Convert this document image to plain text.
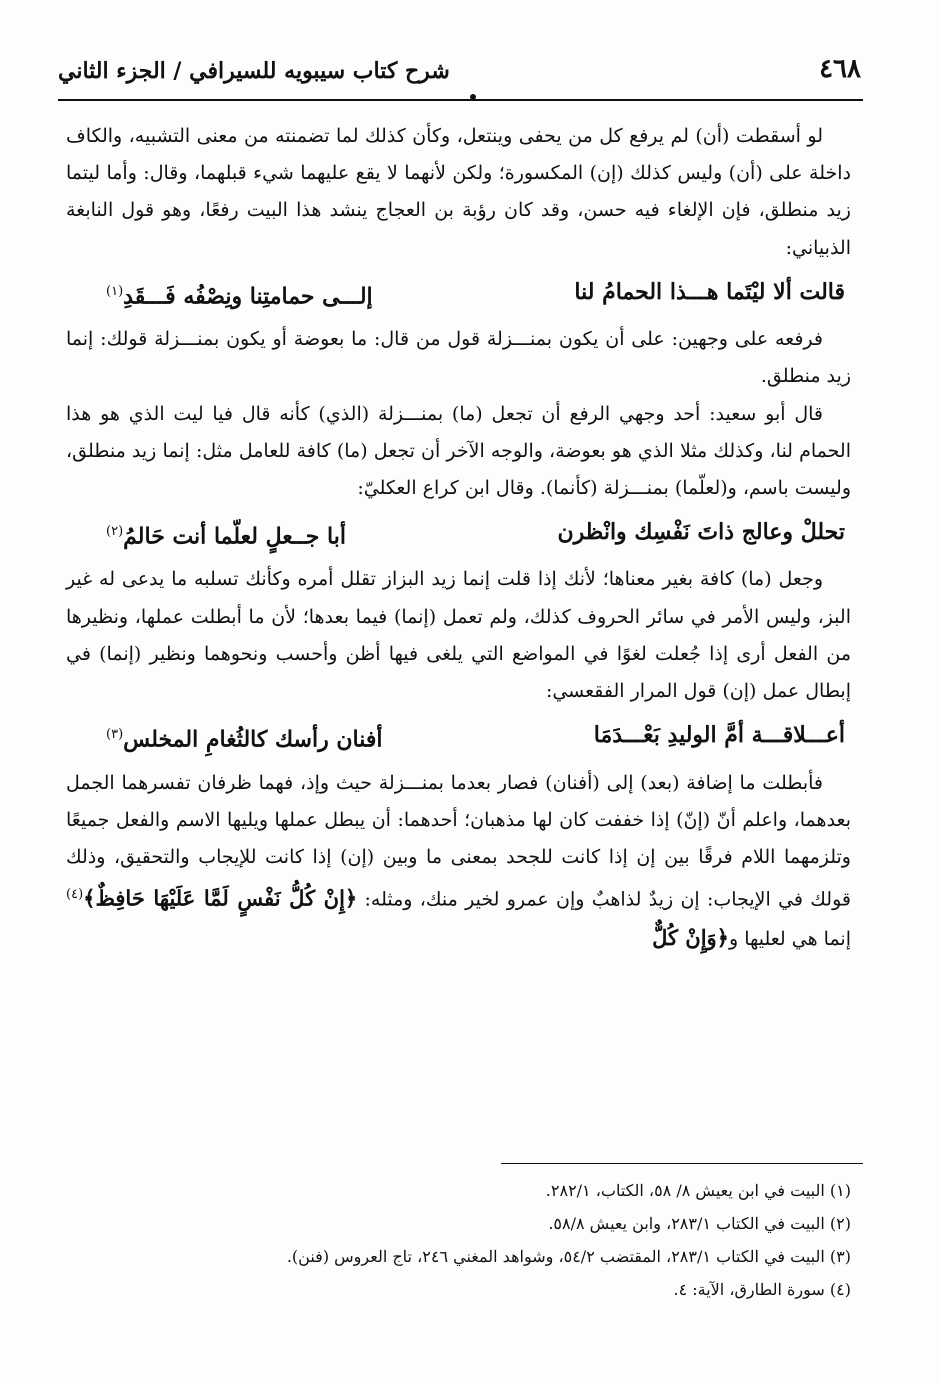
٤٦٨
شرح كتاب سيبويه للسيرافي / الجزء الثاني

لو أسقطت (أن) لم يرفع كل من يحفى وينتعل، وكأن كذلك لما تضمنته من معنى التشبيه، والكاف داخلة على (أن) وليس كذلك (إن) المكسورة؛ ولكن لأنهما لا يقع عليهما شيء قبلهما، وقال: وأما ليتما زيد منطلق، فإن الإلغاء فيه حسن، وقد كان رؤبة بن العجاج ينشد هذا البيت رفعًا، وهو قول النابغة الذبياني:

قالت ألا ليْتَما هـــذا الحمامُ لنا
إلـــى حمامتِنا ونِصْفُه فَـــقَدِ$^{(١)}$

فرفعه على وجهين: على أن يكون بمنـــزلة قول من قال: ما بعوضة أو يكون بمنـــزلة قولك: إنما زيد منطلق.

قال أبو سعيد: أحد وجهي الرفع أن تجعل (ما) بمنـــزلة (الذي) كأنه قال فيا ليت الذي هو هذا الحمام لنا، وكذلك مثلا الذي هو بعوضة، والوجه الآخر أن تجعل (ما) كافة للعامل مثل: إنما زيد منطلق، وليست باسم، و(لعلّما) بمنـــزلة (كأنما). وقال ابن كراع العكليّ:

تحللْ وعالج ذاتَ نَفْسِك وانْظرن
أبا جــعلٍ لعلّما أنت حَالمُ$^{(٢)}$

وجعل (ما) كافة بغير معناها؛ لأنك إذا قلت إنما زيد البزاز تقلل أمره وكأنك تسلبه ما يدعى له غير البز، وليس الأمر في سائر الحروف كذلك، ولم تعمل (إنما) فيما بعدها؛ لأن ما أبطلت عملها، ونظيرها من الفعل أرى إذا جُعلت لغوًا في المواضع التي يلغى فيها أظن وأحسب ونحوهما ونظير (إنما) في إبطال عمل (إن) قول المرار الفقعسي:

أعـــلاقـــة أمَّ الوليدِ بَعْـــدَمَا
أفنان رأسك كالثُغامِ المخلس$^{(٣)}$

فأبطلت ما إضافة (بعد) إلى (أفنان) فصار بعدما بمنـــزلة حيث وإذ، فهما ظرفان تفسرهما الجمل بعدهما، واعلم أنّ (إنّ) إذا خففت كان لها مذهبان؛ أحدهما: أن يبطل عملها ويليها الاسم والفعل جميعًا وتلزمهما اللام فرقًا بين إن إذا كانت للجحد بمعنى ما وبين (إن) إذا كانت للإيجاب والتحقيق، وذلك قولك في الإيجاب: إن زيدٌ لذاهبٌ وإن عمرو لخير منك، ومثله: ﴿إِنْ كُلُّ نَفْسٍ لَمَّا عَلَيْهَا حَافِظٌ﴾$^{(٤)}$ إنما هي لعليها و﴿وَإِنْ كُلٌّ

(١) البيت في ابن يعيش ٨/ ٥٨، الكتاب، ٢٨٢/١.
(٢) البيت في الكتاب ٢٨٣/١، وابن يعيش ٥٨/٨.
(٣) البيت في الكتاب ٢٨٣/١، المقتضب ٥٤/٢، وشواهد المغني ٢٤٦، تاج العروس (فنن).
(٤) سورة الطارق، الآية: ٤.
